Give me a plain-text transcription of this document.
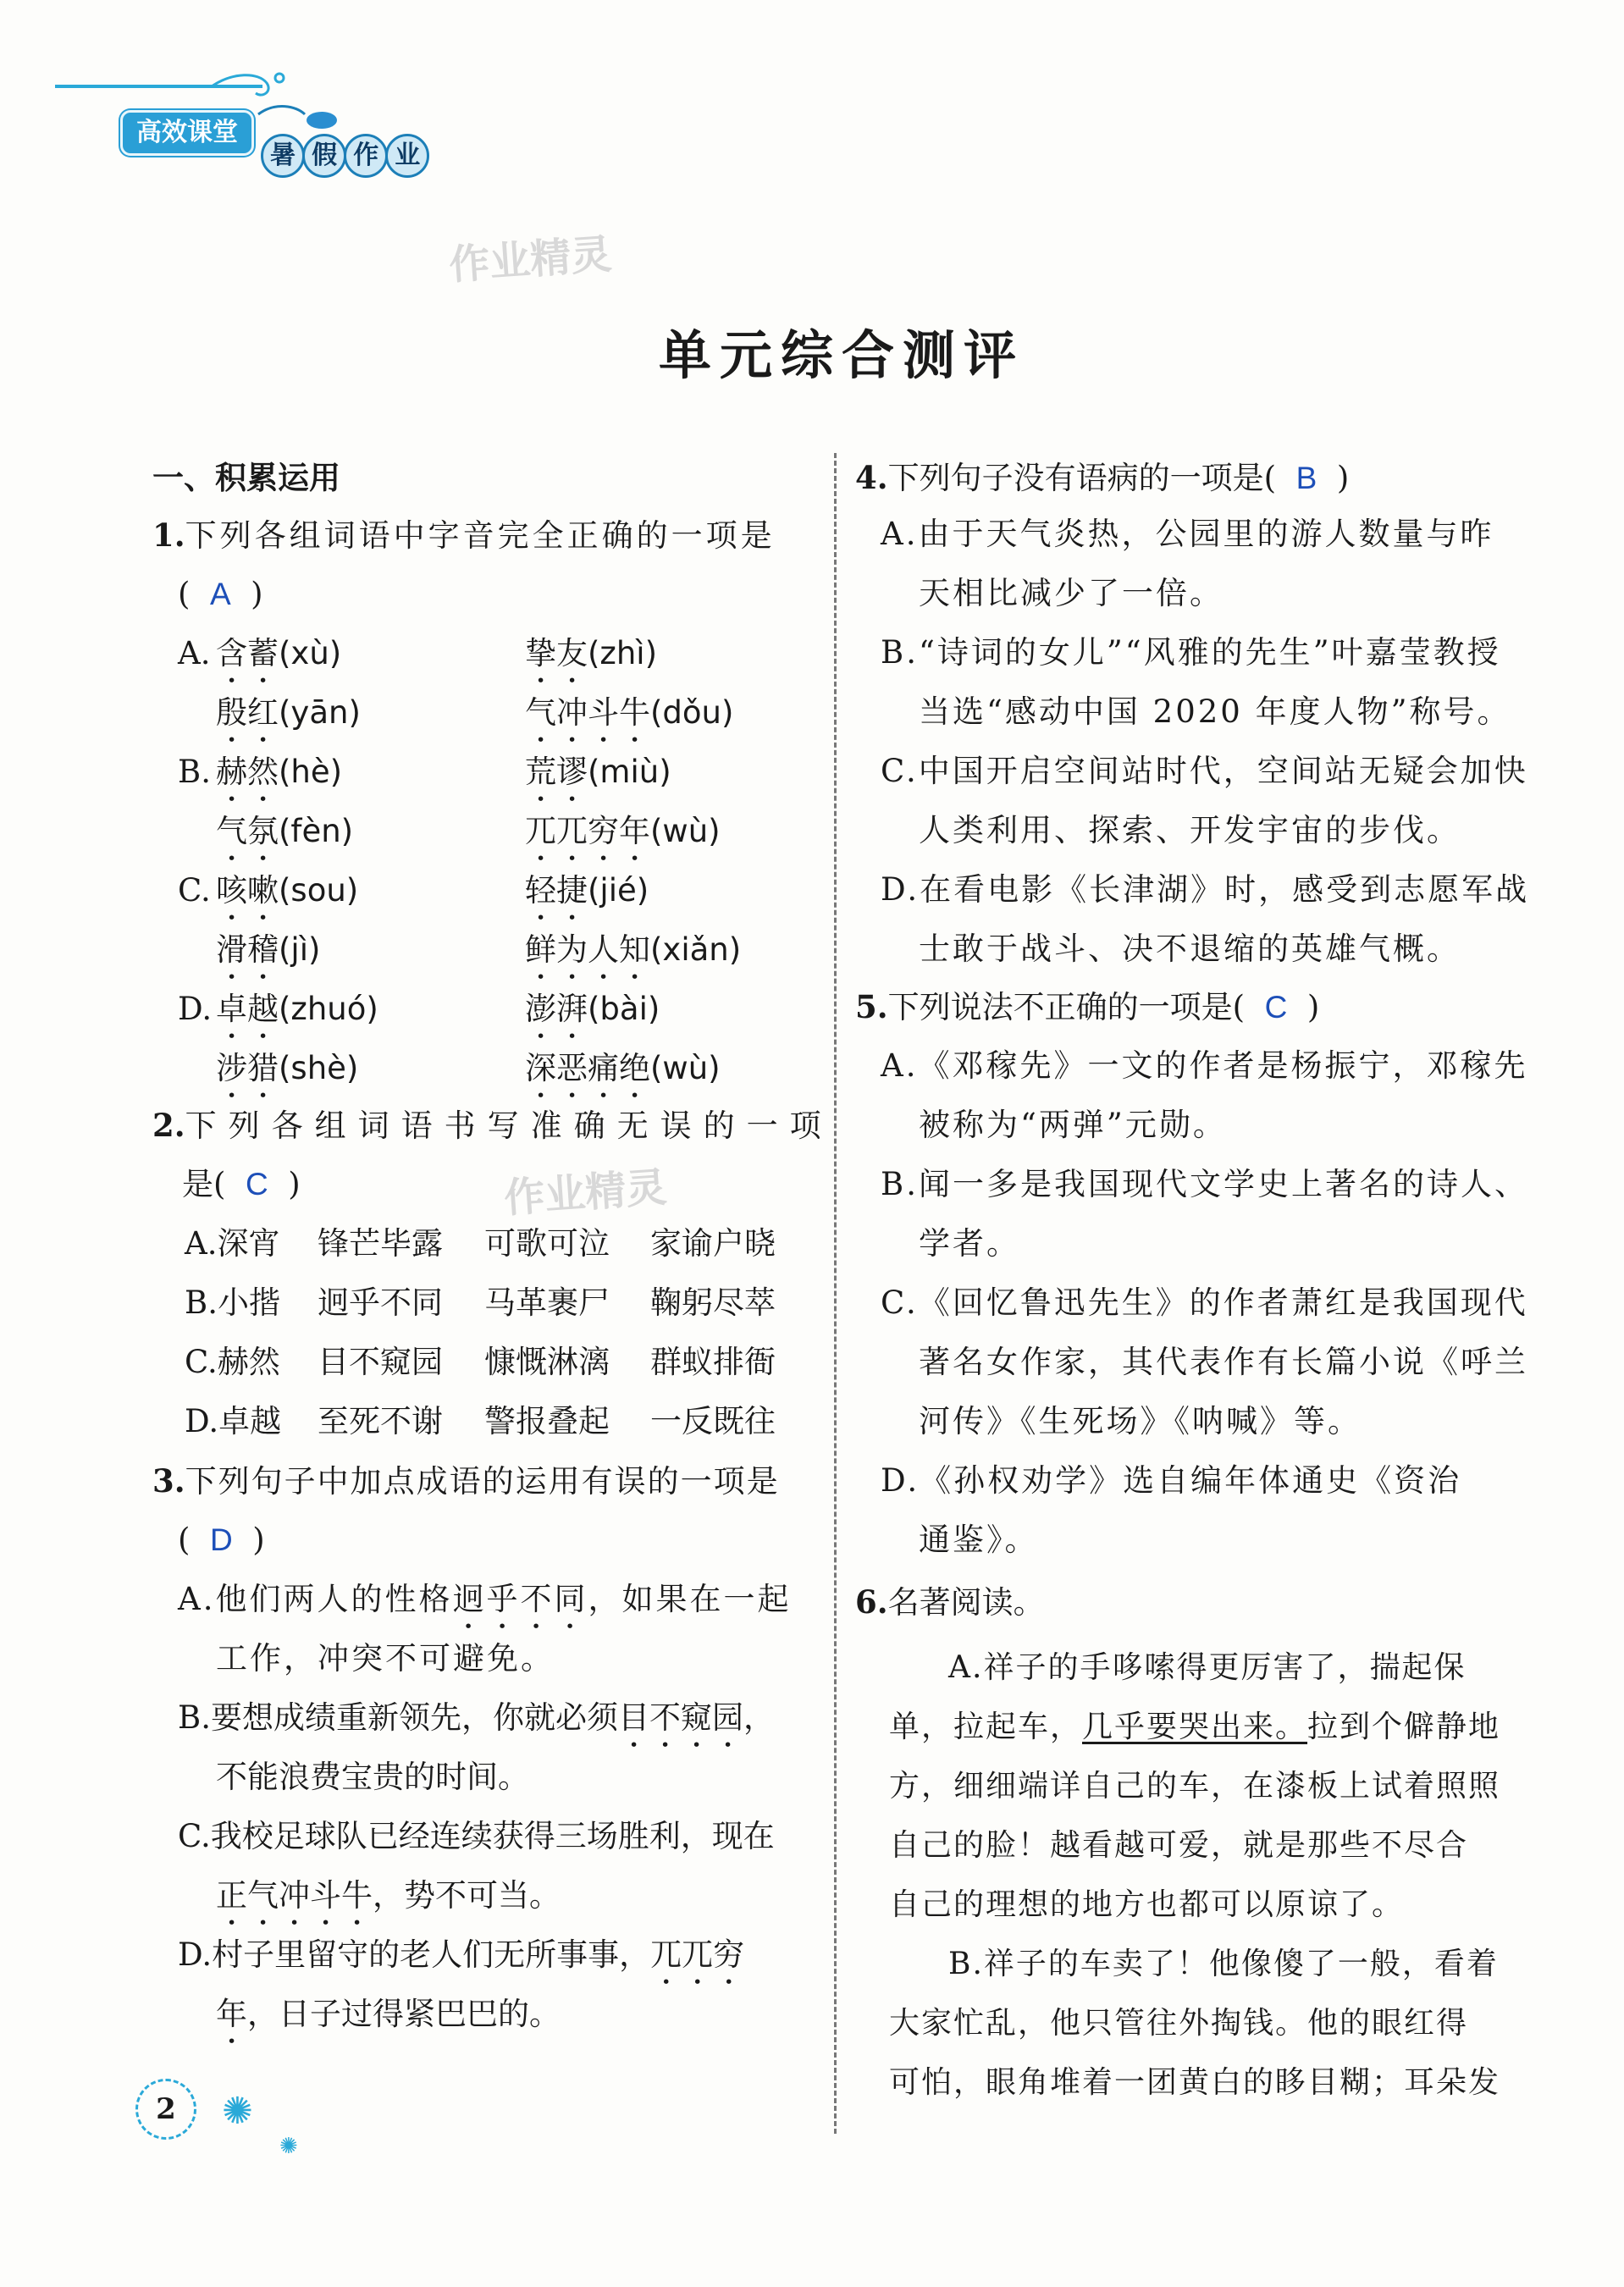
高效课堂
暑 假 作 业
作业精灵
作业精灵
单元综合测评
一、积累运用
1.下列各组词语中字音完全正确的一项是
(  A  )
A. 含蓄(xù)	挚友(zhì)
殷红(yān)	气冲斗牛(dǒu)
B. 赫然(hè)	荒谬(miù)
气氛(fèn)	兀兀穷年(wù)
C. 咳嗽(sou)	轻捷(jié)
滑稽(jì)	鲜为人知(xiǎn)
D. 卓越(zhuó)	澎湃(bài)
涉猎(shè)	深恶痛绝(wù)
2.下列各组词语书写准确无误的一项
是(  C  )
A.深宵 锋芒毕露 可歌可泣 家谕户晓
B.小揩 迥乎不同 马革裹尸 鞠躬尽萃
C.赫然 目不窥园 慷慨淋漓 群蚁排衙
D.卓越 至死不谢 警报叠起 一反既往
3.下列句子中加点成语的运用有误的一项是
(  D  )
A.他们两人的性格迥乎不同，如果在一起
工作，冲突不可避免。
B.要想成绩重新领先，你就必须目不窥园，
不能浪费宝贵的时间。
C.我校足球队已经连续获得三场胜利，现在
正气冲斗牛，势不可当。
D.村子里留守的老人们无所事事，兀兀穷
年，日子过得紧巴巴的。
4.下列句子没有语病的一项是(  B  )
A.由于天气炎热，公园里的游人数量与昨
天相比减少了一倍。
B.“诗词的女儿”“风雅的先生”叶嘉莹教授
当选“感动中国 2020 年度人物”称号。
C.中国开启空间站时代，空间站无疑会加快
人类利用、探索、开发宇宙的步伐。
D.在看电影《长津湖》时，感受到志愿军战
士敢于战斗、决不退缩的英雄气概。
5.下列说法不正确的一项是(  C  )
A.《邓稼先》一文的作者是杨振宁，邓稼先
被称为“两弹”元勋。
B.闻一多是我国现代文学史上著名的诗人、
学者。
C.《回忆鲁迅先生》的作者萧红是我国现代
著名女作家，其代表作有长篇小说《呼兰
河传》《生死场》《呐喊》等。
D.《孙权劝学》选自编年体通史《资治
通鉴》。
6.名著阅读。
A.祥子的手哆嗦得更厉害了，揣起保
单，拉起车，几乎要哭出来。拉到个僻静地
方，细细端详自己的车，在漆板上试着照照
自己的脸！越看越可爱，就是那些不尽合
自己的理想的地方也都可以原谅了。
B.祥子的车卖了！他像傻了一般，看着
大家忙乱，他只管往外掏钱。他的眼红得
可怕，眼角堆着一团黄白的眵目糊；耳朵发
2	✺
✺
